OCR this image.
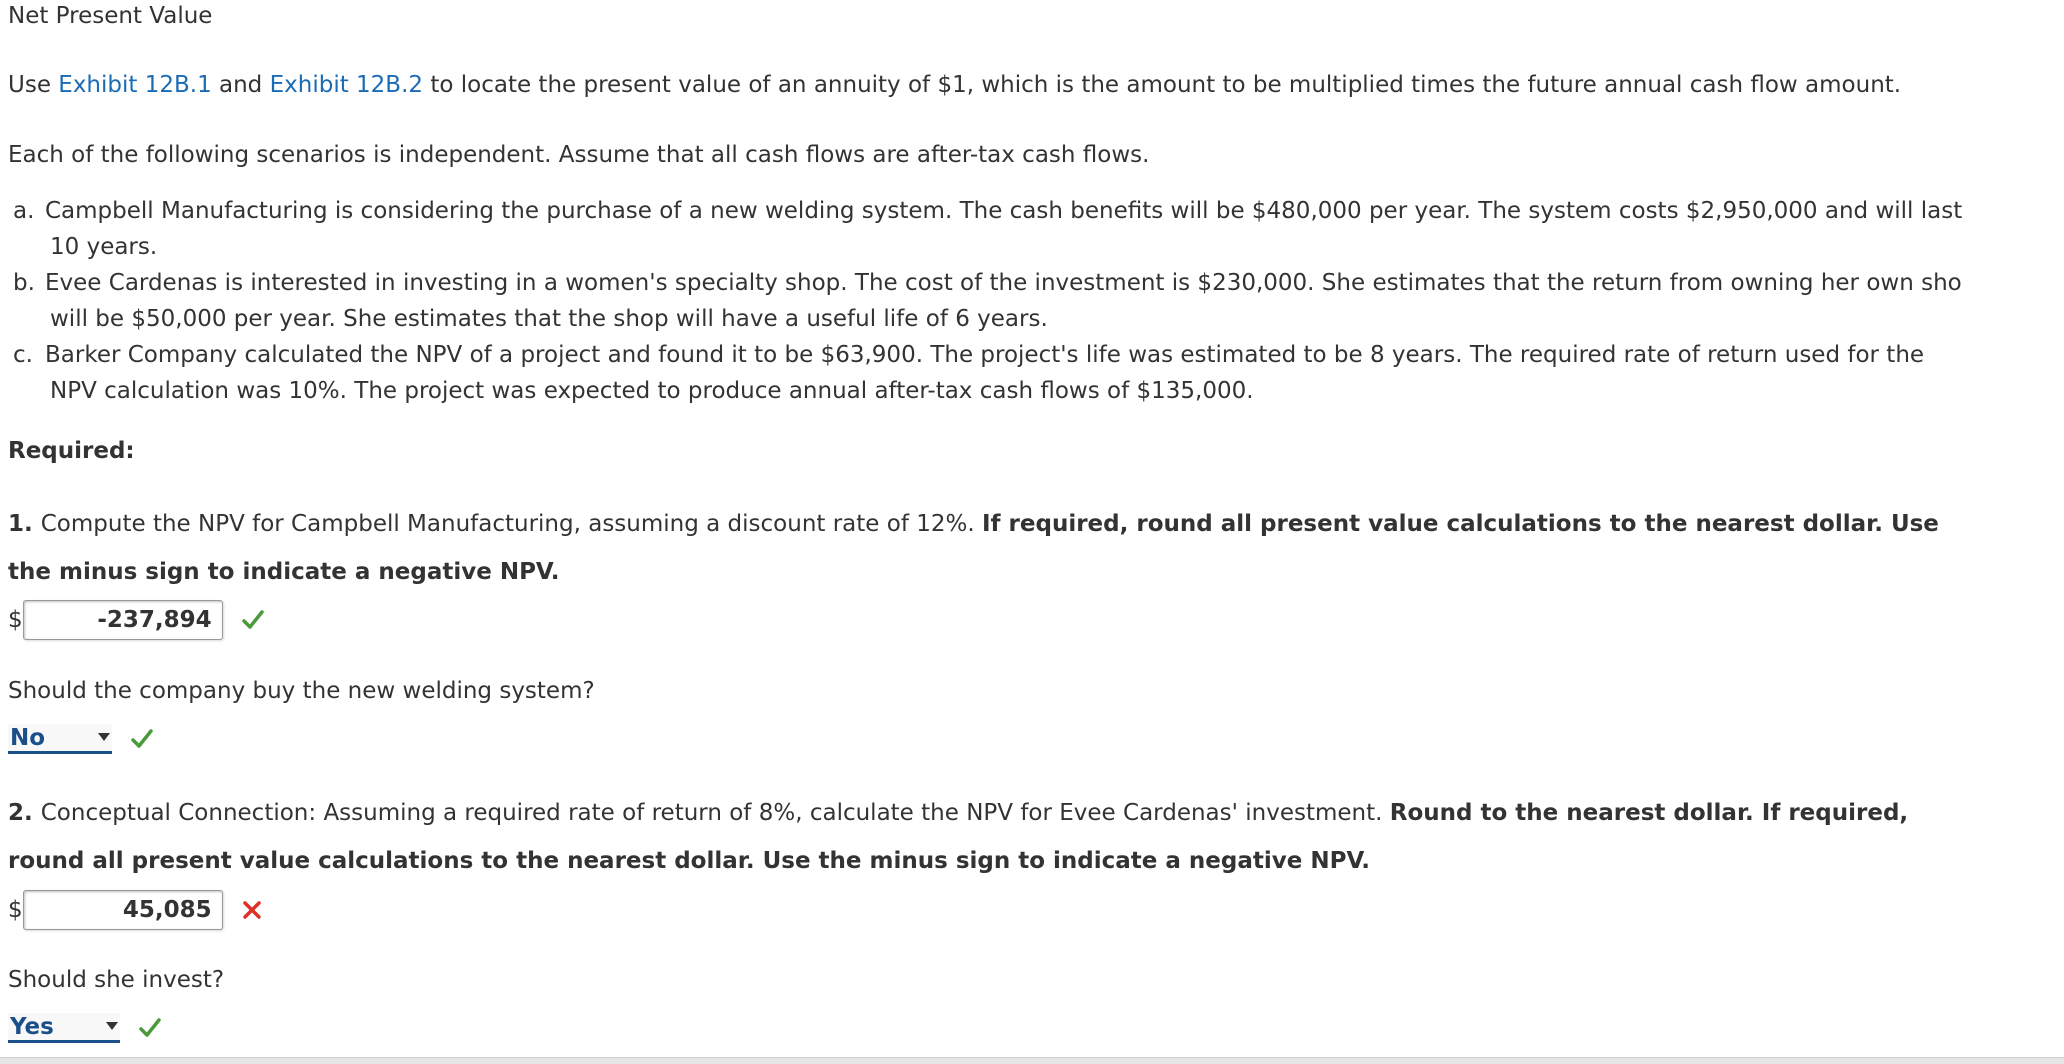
Net Present Value
Use Exhibit 12B.1 and Exhibit 12B.2 to locate the present value of an annuity of $1, which is the amount to be multiplied times the future annual cash flow amount.
Each of the following scenarios is independent. Assume that all cash flows are after-tax cash flows.
a. Campbell Manufacturing is considering the purchase of a new welding system. The cash benefits will be $480,000 per year. The system costs $2,950,000 and will last
10 years.
b. Evee Cardenas is interested in investing in a women's specialty shop. The cost of the investment is $230,000. She estimates that the return from owning her own sho
will be $50,000 per year. She estimates that the shop will have a useful life of 6 years.
c. Barker Company calculated the NPV of a project and found it to be $63,900. The project's life was estimated to be 8 years. The required rate of return used for the
NPV calculation was 10%. The project was expected to produce annual after-tax cash flows of $135,000.
Required:
1. Compute the NPV for Campbell Manufacturing, assuming a discount rate of 12%. If required, round all present value calculations to the nearest dollar. Use
the minus sign to indicate a negative NPV.
$
-237,894
Should the company buy the new welding system?
No
2. Conceptual Connection: Assuming a required rate of return of 8%, calculate the NPV for Evee Cardenas' investment. Round to the nearest dollar. If required,
round all present value calculations to the nearest dollar. Use the minus sign to indicate a negative NPV.
$
45,085
Should she invest?
Yes
